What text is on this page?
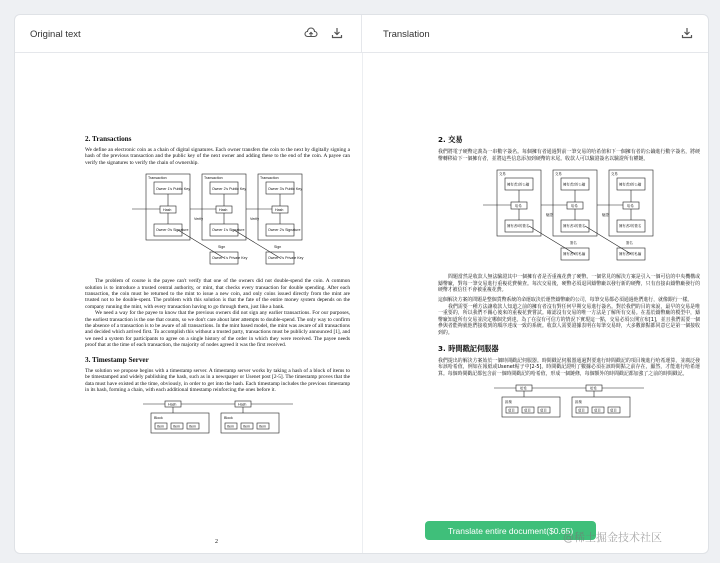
Original text	Translation
2. Transactions

We define an electronic coin as a chain of digital signatures. Each owner transfers the coin to the next by digitally signing a hash of the previous transaction and the public key of the next owner and adding these to the end of the coin. A payee can verify the signatures to verify the chain of ownership.

Transaction	Transaction	Transaction
Owner 1's Public Key	Owner 2's Public Key	Owner 3's Public Key
Hash	Hash	Hash
Owner 0's Signature	Owner 1's Signature	Owner 2's Signature
Owner 1's Private Key	Owner 2's Private Key
Verify	Verify
Sign	Sign

The problem of course is the payee can't verify that one of the owners did not double-spend the coin. A common solution is to introduce a trusted central authority, or mint, that checks every transaction for double spending. After each transaction, the coin must be returned to the mint to issue a new coin, and only coins issued directly from the mint are trusted not to be double-spent. The problem with this solution is that the fate of the entire money system depends on the company running the mint, with every transaction having to go through them, just like a bank.

We need a way for the payee to know that the previous owners did not sign any earlier transactions. For our purposes, the earliest transaction is the one that counts, so we don't care about later attempts to double-spend. The only way to confirm the absence of a transaction is to be aware of all transactions. In the mint based model, the mint was aware of all transactions and decided which arrived first. To accomplish this without a trusted party, transactions must be publicly announced [1], and we need a system for participants to agree on a single history of the order in which they were received. The payee needs proof that at the time of each transaction, the majority of nodes agreed it was the first received.

3. Timestamp Server

The solution we propose begins with a timestamp server. A timestamp server works by taking a hash of a block of items to be timestamped and widely publishing the hash, such as in a newspaper or Usenet post [2-5]. The timestamp proves that the data must have existed at the time, obviously, in order to get into the hash. Each timestamp includes the previous timestamp in its hash, forming a chain, with each additional timestamp reinforcing the ones before it.

Hash	Hash
Block	Block
Item	Item	Item	Item	Item	Item
2
2. 交易

我們將電子硬幣定義為一串數字簽名。每個擁有者通過對前一筆交易的哈希值和下一個擁有者的公鑰進行數字簽名，將硬幣轉移給下一個擁有者，並將這些信息添加到硬幣的末尾。收款人可以驗證簽名以驗證所有權鏈。

交易	交易	交易
擁有者1的公鑰	擁有者2的公鑰	擁有者3的公鑰
哈希	哈希	哈希
擁有者0的簽名	擁有者1的簽名	擁有者2的簽名
擁有者1的私鑰	擁有者2的私鑰
驗證	驗證
簽名	簽名

問題當然是收款人無法驗證其中一個擁有者是否重複花費了硬幣。一個常見的解決方案是引入一個可信的中央機構或鑄幣廠，對每一筆交易進行重複花費檢查。每次交易後，硬幣必須退回鑄幣廠以發行新的硬幣，只有直接由鑄幣廠發行的硬幣才被信任不會被重複花費。

這個解決方案的問題是整個貨幣系統的命運取決於運營鑄幣廠的公司，每筆交易都必須通過他們進行，就像銀行一樣。

我們需要一種方法讓收款人知道之前的擁有者沒有對任何早期交易進行簽名。對於我們的目的來說，最早的交易是唯一重要的，所以我們不關心後來的重複花費嘗試。確認沒有交易的唯一方法是了解所有交易。在基於鑄幣廠的模型中，鑄幣廠知道所有交易並決定哪個先到達。為了在沒有可信方的情況下實現這一點，交易必須公開宣布[1]，並且我們需要一個參與者能夠就他們接收到的順序達成一致的系統。收款人需要證據表明在每筆交易時，大多數節點都同意它是第一個接收到的。

3. 時間戳記伺服器

我們提出的解決方案始於一個時間戳記伺服器。時間戳記伺服器通過對要進行時間戳記的項目塊進行哈希運算，並廣泛發布該哈希值，例如在報紙或Usenet帖子中[2-5]。時間戳記證明了數據必須在該時間點之前存在，顯然，才能進行哈希運算。每個時間戳記都包含前一個時間戳記的哈希值，形成一個鏈條，每個額外的時間戳記都加強了之前的時間戳記。

哈希	哈希
區塊	區塊
項目	項目	項目	項目	項目	項目
Translate entire document($0.65)
@稀土掘金技术社区
